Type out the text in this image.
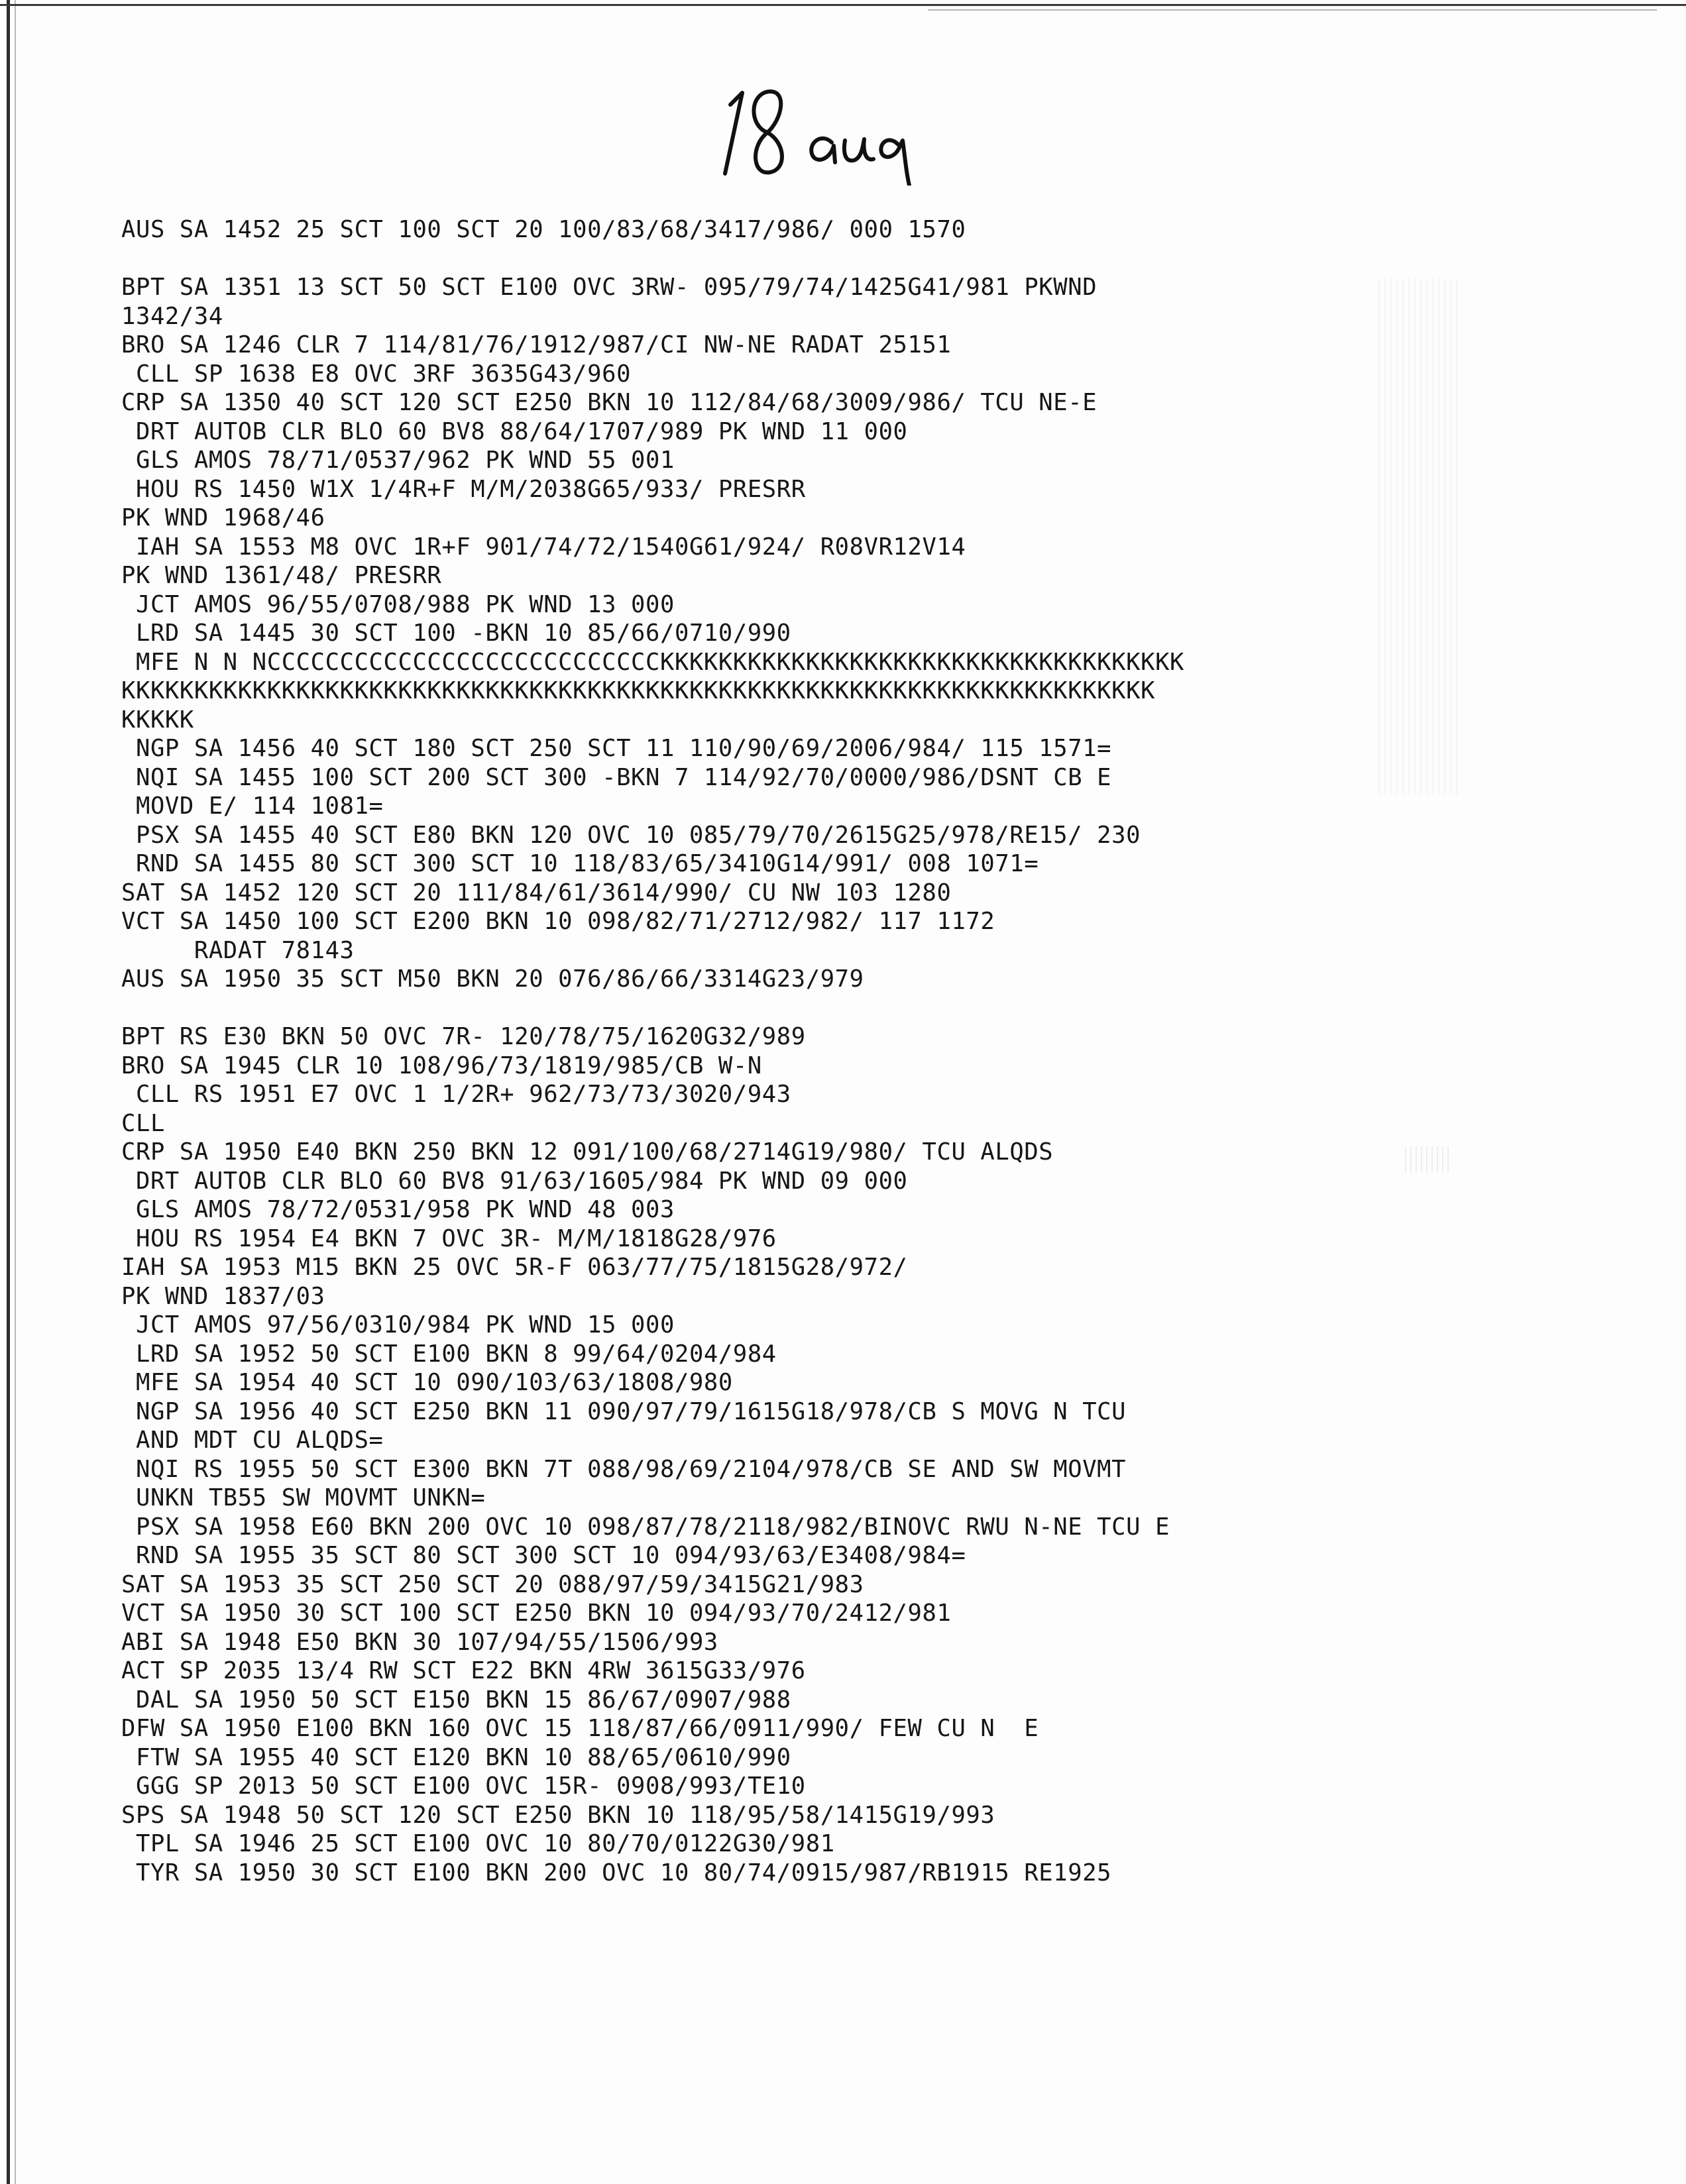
AUS SA 1452 25 SCT 100 SCT 20 100/83/68/3417/986/ 000 1570
BPT SA 1351 13 SCT 50 SCT E100 OVC 3RW- 095/79/74/1425G41/981 PKWND
1342/34
BRO SA 1246 CLR 7 114/81/76/1912/987/CI NW-NE RADAT 25151
CLL SP 1638 E8 OVC 3RF 3635G43/960
CRP SA 1350 40 SCT 120 SCT E250 BKN 10 112/84/68/3009/986/ TCU NE-E
DRT AUTOB CLR BLO 60 BV8 88/64/1707/989 PK WND 11 000
GLS AMOS 78/71/0537/962 PK WND 55 001
HOU RS 1450 W1X 1/4R+F M/M/2038G65/933/ PRESRR
PK WND 1968/46
IAH SA 1553 M8 OVC 1R+F 901/74/72/1540G61/924/ R08VR12V14
PK WND 1361/48/ PRESRR
JCT AMOS 96/55/0708/988 PK WND 13 000
LRD SA 1445 30 SCT 100 -BKN 10 85/66/0710/990
MFE N N NCCCCCCCCCCCCCCCCCCCCCCCCCCCKKKKKKKKKKKKKKKKKKKKKKKKKKKKKKKKKKKK
KKKKKKKKKKKKKKKKKKKKKKKKKKKKKKKKKKKKKKKKKKKKKKKKKKKKKKKKKKKKKKKKKKKKKKK
KKKKK
NGP SA 1456 40 SCT 180 SCT 250 SCT 11 110/90/69/2006/984/ 115 1571=
NQI SA 1455 100 SCT 200 SCT 300 -BKN 7 114/92/70/0000/986/DSNT CB E
MOVD E/ 114 1081=
PSX SA 1455 40 SCT E80 BKN 120 OVC 10 085/79/70/2615G25/978/RE15/ 230
RND SA 1455 80 SCT 300 SCT 10 118/83/65/3410G14/991/ 008 1071=
SAT SA 1452 120 SCT 20 111/84/61/3614/990/ CU NW 103 1280
VCT SA 1450 100 SCT E200 BKN 10 098/82/71/2712/982/ 117 1172
RADAT 78143
AUS SA 1950 35 SCT M50 BKN 20 076/86/66/3314G23/979
BPT RS E30 BKN 50 OVC 7R- 120/78/75/1620G32/989
BRO SA 1945 CLR 10 108/96/73/1819/985/CB W-N
CLL RS 1951 E7 OVC 1 1/2R+ 962/73/73/3020/943
CLL
CRP SA 1950 E40 BKN 250 BKN 12 091/100/68/2714G19/980/ TCU ALQDS
DRT AUTOB CLR BLO 60 BV8 91/63/1605/984 PK WND 09 000
GLS AMOS 78/72/0531/958 PK WND 48 003
HOU RS 1954 E4 BKN 7 OVC 3R- M/M/1818G28/976
IAH SA 1953 M15 BKN 25 OVC 5R-F 063/77/75/1815G28/972/
PK WND 1837/03
JCT AMOS 97/56/0310/984 PK WND 15 000
LRD SA 1952 50 SCT E100 BKN 8 99/64/0204/984
MFE SA 1954 40 SCT 10 090/103/63/1808/980
NGP SA 1956 40 SCT E250 BKN 11 090/97/79/1615G18/978/CB S MOVG N TCU
AND MDT CU ALQDS=
NQI RS 1955 50 SCT E300 BKN 7T 088/98/69/2104/978/CB SE AND SW MOVMT
UNKN TB55 SW MOVMT UNKN=
PSX SA 1958 E60 BKN 200 OVC 10 098/87/78/2118/982/BINOVC RWU N-NE TCU E
RND SA 1955 35 SCT 80 SCT 300 SCT 10 094/93/63/E3408/984=
SAT SA 1953 35 SCT 250 SCT 20 088/97/59/3415G21/983
VCT SA 1950 30 SCT 100 SCT E250 BKN 10 094/93/70/2412/981
ABI SA 1948 E50 BKN 30 107/94/55/1506/993
ACT SP 2035 13/4 RW SCT E22 BKN 4RW 3615G33/976
DAL SA 1950 50 SCT E150 BKN 15 86/67/0907/988
DFW SA 1950 E100 BKN 160 OVC 15 118/87/66/0911/990/ FEW CU N  E
FTW SA 1955 40 SCT E120 BKN 10 88/65/0610/990
GGG SP 2013 50 SCT E100 OVC 15R- 0908/993/TE10
SPS SA 1948 50 SCT 120 SCT E250 BKN 10 118/95/58/1415G19/993
TPL SA 1946 25 SCT E100 OVC 10 80/70/0122G30/981
TYR SA 1950 30 SCT E100 BKN 200 OVC 10 80/74/0915/987/RB1915 RE1925
